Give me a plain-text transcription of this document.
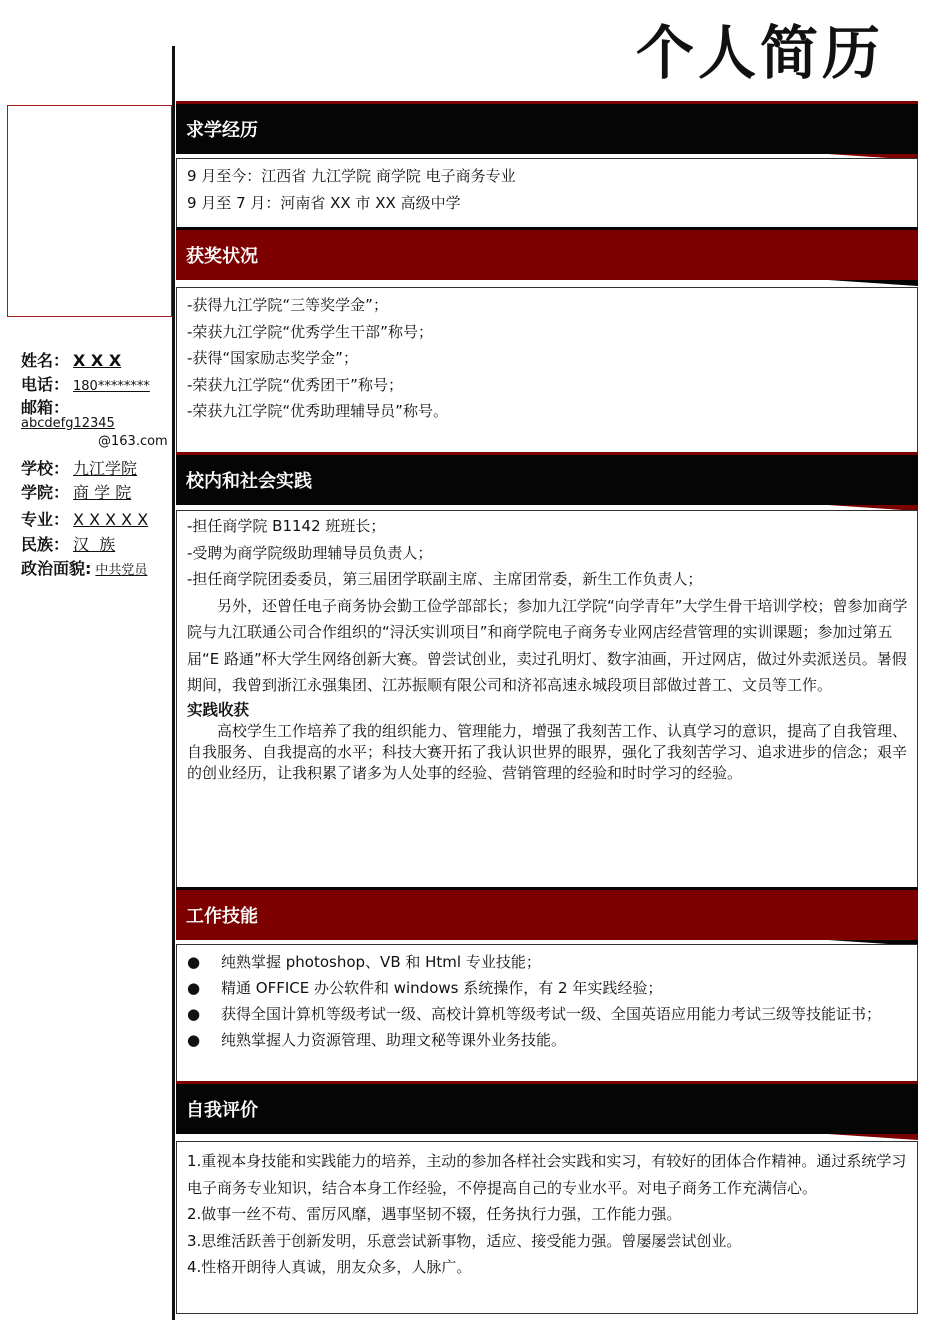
个人简历
姓名： X X X
电话： 180********
邮箱：
abcdefg12345
@163.com
学校： 九江学院
学院： 商 学 院
专业： X X X X X
民族： 汉  族
政治面貌: 中共党员
求学经历
9 月至今：江西省 九江学院 商学院 电子商务专业
9 月至 7 月：河南省 XX 市 XX 高级中学
获奖状况
-获得九江学院“三等奖学金”；
-荣获九江学院“优秀学生干部”称号；
-获得“国家励志奖学金”；
-荣获九江学院“优秀团干”称号；
-荣获九江学院“优秀助理辅导员”称号。
校内和社会实践
-担任商学院 B1142 班班长；
-受聘为商学院级助理辅导员负责人；
-担任商学院团委委员，第三届团学联副主席、主席团常委，新生工作负责人；
另外，还曾任电子商务协会勤工俭学部部长；参加九江学院“向学青年”大学生骨干培训学校；曾参加商学院与九江联通公司合作组织的“浔沃实训项目”和商学院电子商务专业网店经营管理的实训课题；参加过第五届“E 路通”杯大学生网络创新大赛。曾尝试创业，卖过孔明灯、数字油画，开过网店，做过外卖派送员。暑假期间，我曾到浙江永强集团、江苏振顺有限公司和济祁高速永城段项目部做过普工、文员等工作。
实践收获
高校学生工作培养了我的组织能力、管理能力，增强了我刻苦工作、认真学习的意识，提高了自我管理、自我服务、自我提高的水平；科技大赛开拓了我认识世界的眼界，强化了我刻苦学习、追求进步的信念；艰辛的创业经历，让我积累了诸多为人处事的经验、营销管理的经验和时时学习的经验。
工作技能
●	纯熟掌握 photoshop、VB 和 Html 专业技能；
●	精通 OFFICE 办公软件和 windows 系统操作，有 2 年实践经验；
●	获得全国计算机等级考试一级、高校计算机等级考试一级、全国英语应用能力考试三级等技能证书；
●	纯熟掌握人力资源管理、助理文秘等课外业务技能。
自我评价
1.重视本身技能和实践能力的培养，主动的参加各样社会实践和实习，有较好的团体合作精神。通过系统学习电子商务专业知识，结合本身工作经验，不停提高自己的专业水平。对电子商务工作充满信心。
2.做事一丝不苟、雷厉风靡，遇事坚韧不辍，任务执行力强，工作能力强。
3.思维活跃善于创新发明，乐意尝试新事物，适应、接受能力强。曾屡屡尝试创业。
4.性格开朗待人真诚，朋友众多，人脉广。
